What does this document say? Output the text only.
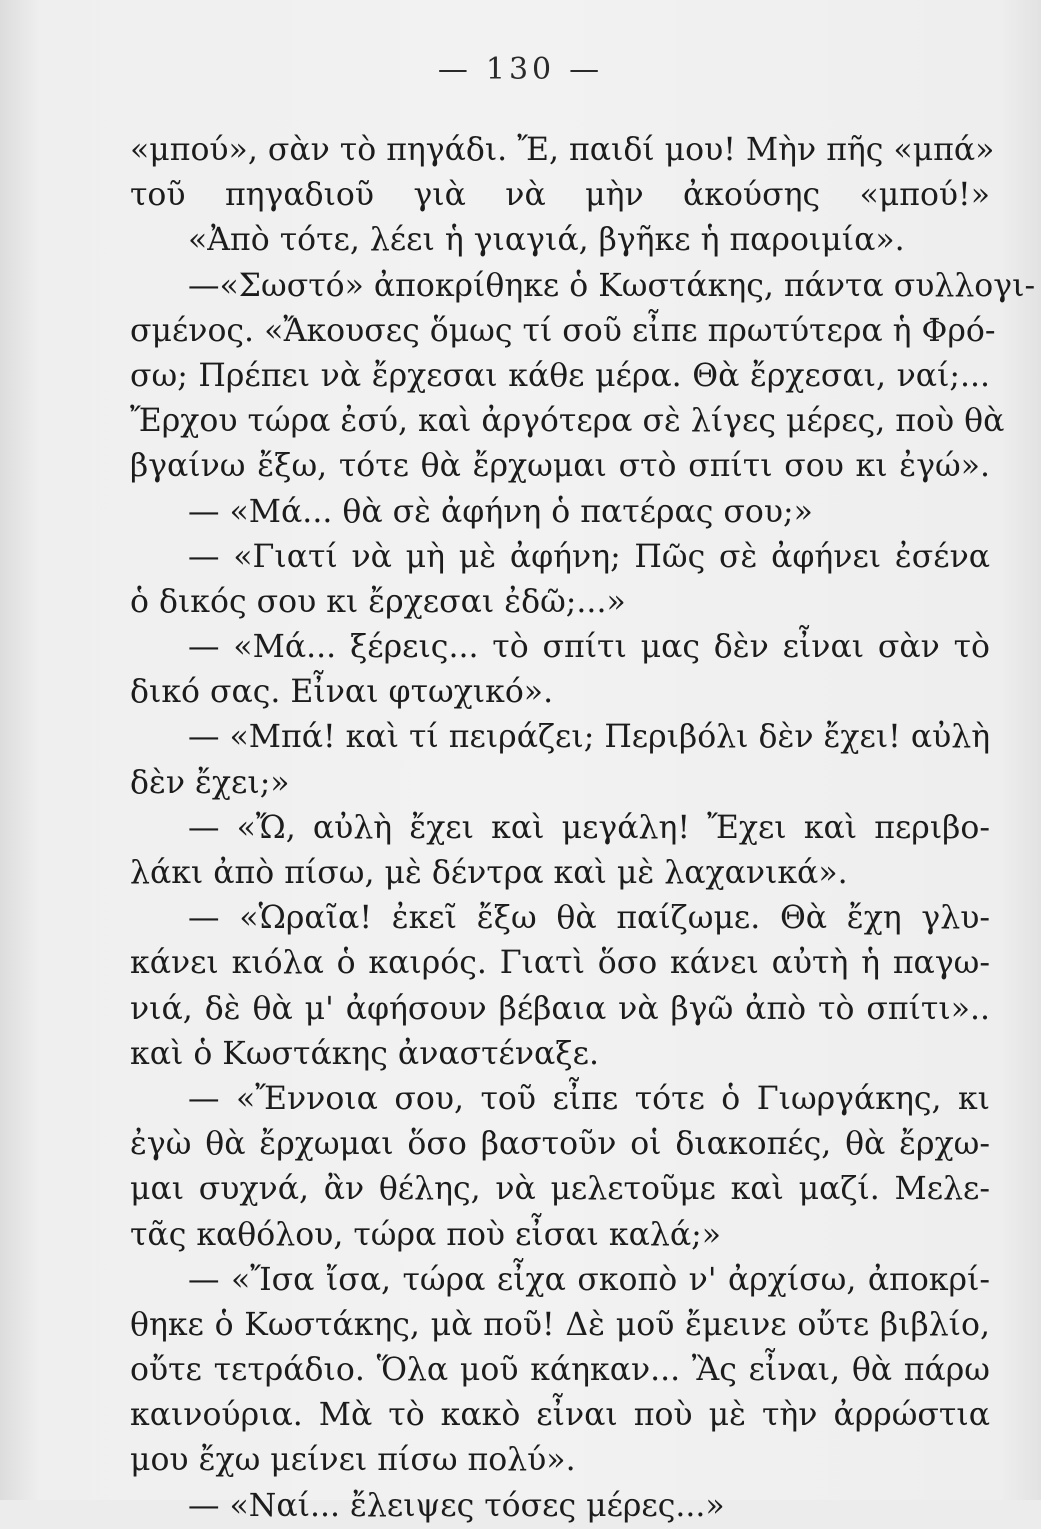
— 130 —
«μπού», σὰν τὸ πηγάδι. Ἔ, παιδί μου! Μὴν πῆς «μπά»
τοῦ πηγαδιοῦ γιὰ νὰ μὴν ἀκούσης «μπού!»
«Ἀπὸ τότε, λέει ἡ γιαγιά, βγῆκε ἡ παροιμία».
—«Σωστό» ἀποκρίθηκε ὁ Κωστάκης, πάντα συλλογι-
σμένος. «Ἄκουσες ὅμως τί σοῦ εἶπε πρωτύτερα ἡ Φρό-
σω; Πρέπει νὰ ἔρχεσαι κάθε μέρα. Θὰ ἔρχεσαι, ναί;...
Ἔρχου τώρα ἐσύ, καὶ ἀργότερα σὲ λίγες μέρες, ποὺ θὰ
βγαίνω ἔξω, τότε θὰ ἔρχωμαι στὸ σπίτι σου κι ἐγώ».
— «Μά... θὰ σὲ ἀφήνη ὁ πατέρας σου;»
— «Γιατί νὰ μὴ μὲ ἀφήνη; Πῶς σὲ ἀφήνει ἐσένα
ὁ δικός σου κι ἔρχεσαι ἐδῶ;...»
— «Μά... ξέρεις... τὸ σπίτι μας δὲν εἶναι σὰν τὸ
δικό σας. Εἶναι φτωχικό».
— «Μπά! καὶ τί πειράζει; Περιβόλι δὲν ἔχει! αὐλὴ
δὲν ἔχει;»
— «Ὤ, αὐλὴ ἔχει καὶ μεγάλη! Ἔχει καὶ περιβο-
λάκι ἀπὸ πίσω, μὲ δέντρα καὶ μὲ λαχανικά».
— «Ὡραῖα! ἐκεῖ ἔξω θὰ παίζωμε. Θὰ ἔχη γλυ-
κάνει κιόλα ὁ καιρός. Γιατὶ ὅσο κάνει αὐτὴ ἡ παγω-
νιά, δὲ θὰ μ' ἀφήσουν βέβαια νὰ βγῶ ἀπὸ τὸ σπίτι»..
καὶ ὁ Κωστάκης ἀναστέναξε.
— «Ἔννοια σου, τοῦ εἶπε τότε ὁ Γιωργάκης, κι
ἐγὼ θὰ ἔρχωμαι ὅσο βαστοῦν οἱ διακοπές, θὰ ἔρχω-
μαι συχνά, ἂν θέλης, νὰ μελετοῦμε καὶ μαζί. Μελε-
τᾶς καθόλου, τώρα ποὺ εἶσαι καλά;»
— «Ἴσα ἴσα, τώρα εἶχα σκοπὸ ν' ἀρχίσω, ἀποκρί-
θηκε ὁ Κωστάκης, μὰ ποῦ! Δὲ μοῦ ἔμεινε οὔτε βιβλίο,
οὔτε τετράδιο. Ὅλα μοῦ κάηκαν... Ἂς εἶναι, θὰ πάρω
καινούρια. Μὰ τὸ κακὸ εἶναι ποὺ μὲ τὴν ἀρρώστια
μου ἔχω μείνει πίσω πολύ».
— «Ναί... ἔλειψες τόσες μέρες...»
